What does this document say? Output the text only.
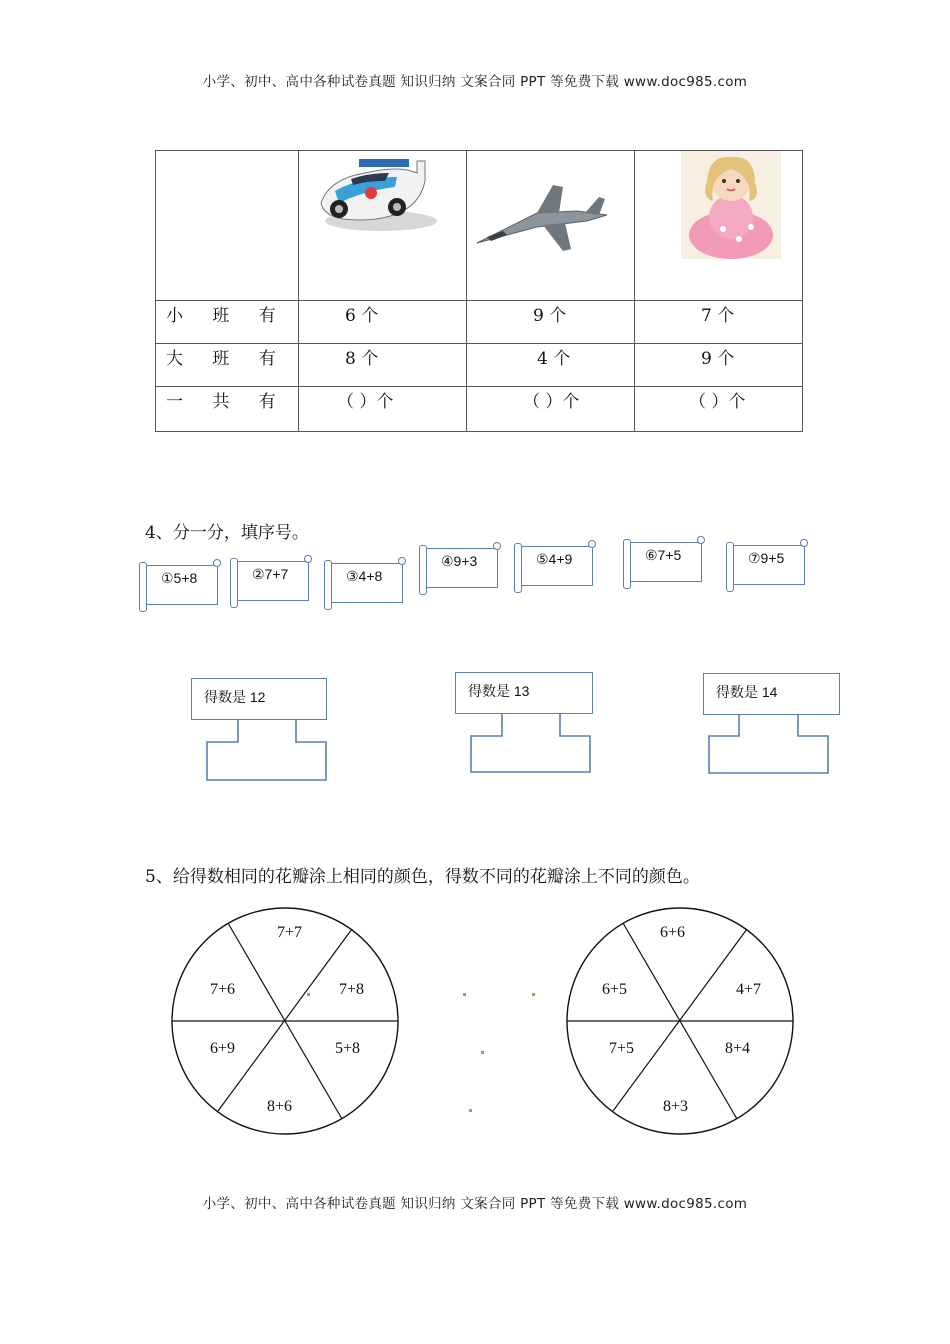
小学、初中、高中各种试卷真题 知识归纳 文案合同 PPT 等免费下载 www.doc985.com

小 班 有	6 个	9 个	7 个
大 班 有	8 个	4 个	9 个
一 共 有	（ ）个	（ ）个	（ ）个
4、分一分，填序号。
①5+8	②7+7	③4+8
④9+3	⑤4+9	⑥7+5	⑦9+5
得数是 12	得数是 13	得数是 14
5、给得数相同的花瓣涂上相同的颜色，得数不同的花瓣涂上不同的颜色。
7+7
7+8
5+8
8+6
6+9
7+6
6+6
4+7
8+4
8+3
7+5
6+5
小学、初中、高中各种试卷真题 知识归纳 文案合同 PPT 等免费下载 www.doc985.com
